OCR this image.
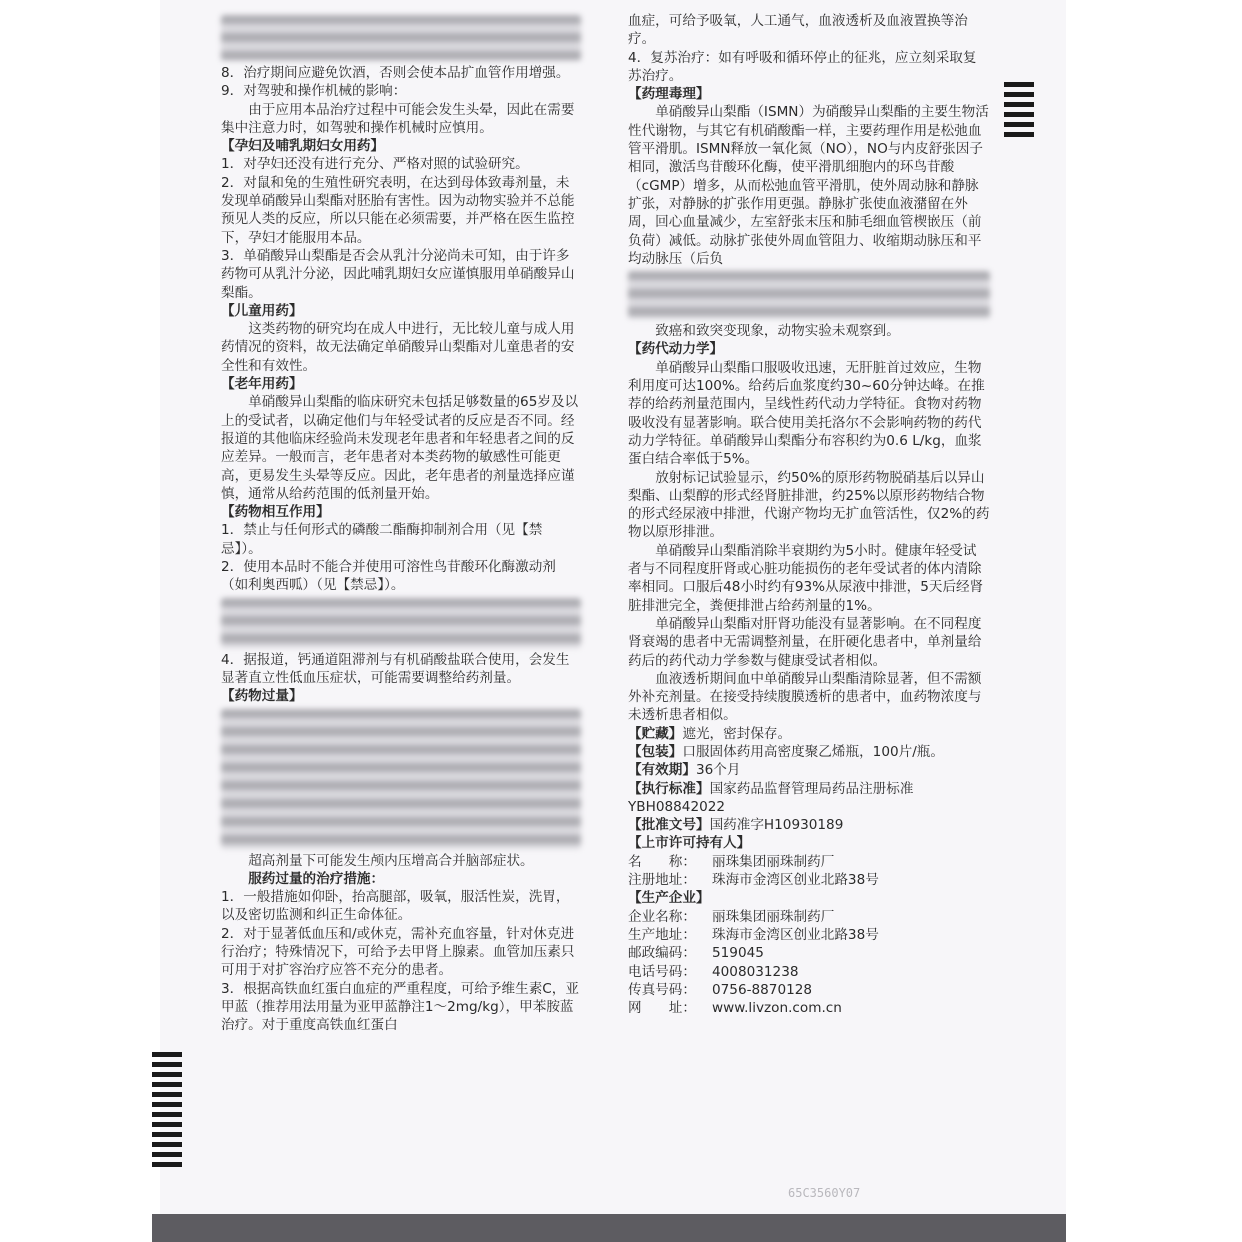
8．治疗期间应避免饮酒，否则会使本品扩血管作用增强。

9．对驾驶和操作机械的影响：

由于应用本品治疗过程中可能会发生头晕，因此在需要集中注意力时，如驾驶和操作机械时应慎用。

【孕妇及哺乳期妇女用药】

1．对孕妇还没有进行充分、严格对照的试验研究。

2．对鼠和兔的生殖性研究表明，在达到母体致毒剂量，未发现单硝酸异山梨酯对胚胎有害性。因为动物实验并不总能预见人类的反应，所以只能在必须需要，并严格在医生监控下，孕妇才能服用本品。

3．单硝酸异山梨酯是否会从乳汁分泌尚未可知，由于许多药物可从乳汁分泌，因此哺乳期妇女应谨慎服用单硝酸异山梨酯。

【儿童用药】

这类药物的研究均在成人中进行，无比较儿童与成人用药情况的资料，故无法确定单硝酸异山梨酯对儿童患者的安全性和有效性。

【老年用药】

单硝酸异山梨酯的临床研究未包括足够数量的65岁及以上的受试者，以确定他们与年轻受试者的反应是否不同。经报道的其他临床经验尚未发现老年患者和年轻患者之间的反应差异。一般而言，老年患者对本类药物的敏感性可能更高，更易发生头晕等反应。因此，老年患者的剂量选择应谨慎，通常从给药范围的低剂量开始。

【药物相互作用】

1．禁止与任何形式的磷酸二酯酶抑制剂合用（见【禁忌】）。

2．使用本品时不能合并使用可溶性鸟苷酸环化酶激动剂（如利奥西呱）（见【禁忌】）。

4．据报道，钙通道阻滞剂与有机硝酸盐联合使用，会发生显著直立性低血压症状，可能需要调整给药剂量。

【药物过量】

超高剂量下可能发生颅内压增高合并脑部症状。

服药过量的治疗措施：

1．一般措施如仰卧，抬高腿部，吸氧，服活性炭，洗胃，以及密切监测和纠正生命体征。

2．对于显著低血压和/或休克，需补充血容量，针对休克进行治疗；特殊情况下，可给予去甲肾上腺素。血管加压素只可用于对扩容治疗应答不充分的患者。

3．根据高铁血红蛋白血症的严重程度，可给予维生素C，亚甲蓝（推荐用法用量为亚甲蓝静注1～2mg/kg），甲苯胺蓝治疗。对于重度高铁血红蛋白

血症，可给予吸氧，人工通气，血液透析及血液置换等治疗。

4．复苏治疗：如有呼吸和循环停止的征兆，应立刻采取复苏治疗。

【药理毒理】

单硝酸异山梨酯（ISMN）为硝酸异山梨酯的主要生物活性代谢物，与其它有机硝酸酯一样，主要药理作用是松弛血管平滑肌。ISMN释放一氧化氮（NO），NO与内皮舒张因子相同，激活鸟苷酸环化酶，使平滑肌细胞内的环鸟苷酸（cGMP）增多，从而松弛血管平滑肌，使外周动脉和静脉扩张，对静脉的扩张作用更强。静脉扩张使血液潴留在外周，回心血量减少，左室舒张末压和肺毛细血管楔嵌压（前负荷）减低。动脉扩张使外周血管阻力、收缩期动脉压和平均动脉压（后负

致癌和致突变现象，动物实验未观察到。

【药代动力学】

单硝酸异山梨酯口服吸收迅速，无肝脏首过效应，生物利用度可达100%。给药后血浆度约30~60分钟达峰。在推荐的给药剂量范围内，呈线性药代动力学特征。食物对药物吸收没有显著影响。联合使用美托洛尔不会影响药物的药代动力学特征。单硝酸异山梨酯分布容积约为0.6 L/kg，血浆蛋白结合率低于5%。

放射标记试验显示，约50%的原形药物脱硝基后以异山梨酯、山梨醇的形式经肾脏排泄，约25%以原形药物结合物的形式经尿液中排泄，代谢产物均无扩血管活性，仅2%的药物以原形排泄。

单硝酸异山梨酯消除半衰期约为5小时。健康年轻受试者与不同程度肝肾或心脏功能损伤的老年受试者的体内清除率相同。口服后48小时约有93%从尿液中排泄，5天后经肾脏排泄完全，粪便排泄占给药剂量的1%。

单硝酸异山梨酯对肝肾功能没有显著影响。在不同程度肾衰竭的患者中无需调整剂量，在肝硬化患者中，单剂量给药后的药代动力学参数与健康受试者相似。

血液透析期间血中单硝酸异山梨酯清除显著，但不需额外补充剂量。在接受持续腹膜透析的患者中，血药物浓度与未透析患者相似。

【贮藏】遮光，密封保存。

【包装】口服固体药用高密度聚乙烯瓶，100片/瓶。

【有效期】36个月

【执行标准】国家药品监督管理局药品注册标准YBH08842022

【批准文号】国药准字H10930189

【上市许可持有人】

名　　称：	丽珠集团丽珠制药厂
注册地址：	珠海市金湾区创业北路38号

【生产企业】

企业名称：	丽珠集团丽珠制药厂
生产地址：	珠海市金湾区创业北路38号
邮政编码：	519045
电话号码：	4008031238
传真号码：	0756-8870128
网　　址：	www.livzon.com.cn
65C3560Y07
